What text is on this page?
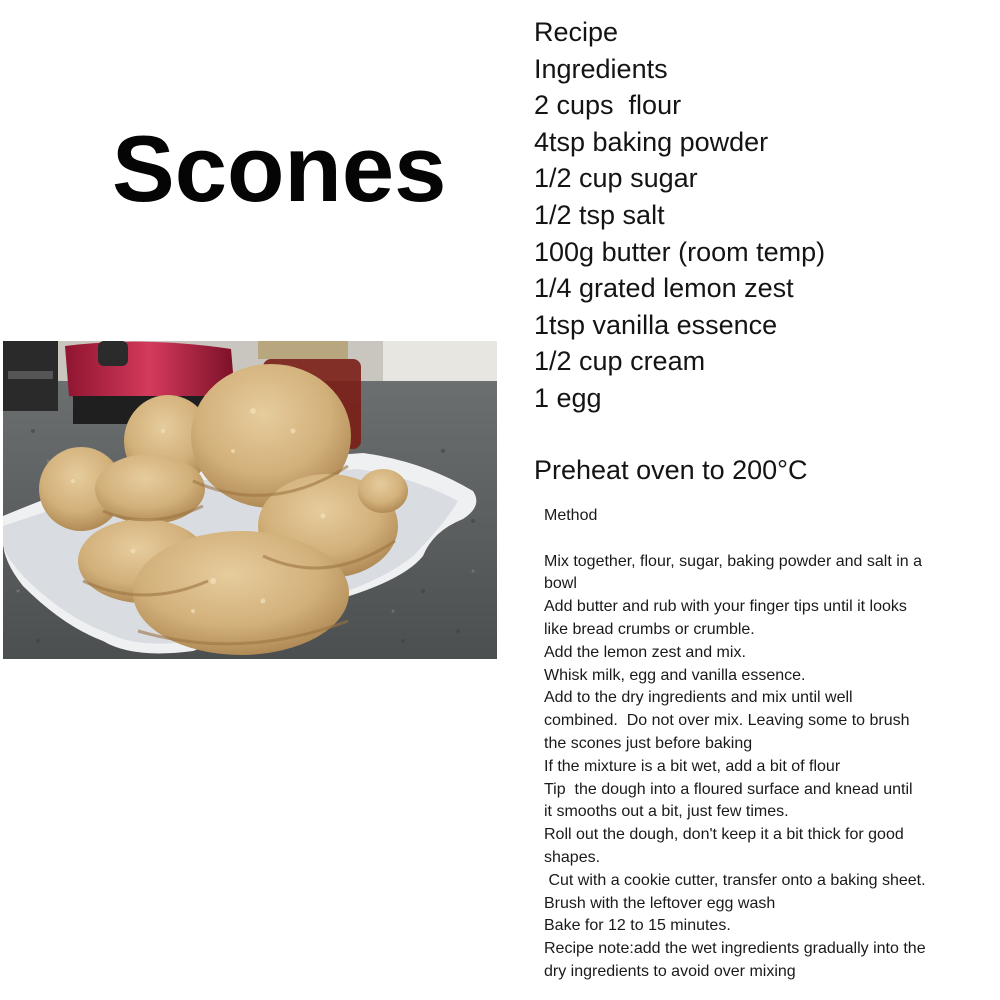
Scones

Recipe

Ingredients

2 cups  flour

4tsp baking powder

1/2 cup sugar

1/2 tsp salt

100g butter (room temp)

1/4 grated lemon zest

1tsp vanilla essence

1/2 cup cream

1 egg

Preheat oven to 200°C

Method

Mix together, flour, sugar, baking powder and salt in a

bowl

Add butter and rub with your finger tips until it looks

like bread crumbs or crumble.

Add the lemon zest and mix.

Whisk milk, egg and vanilla essence.

Add to the dry ingredients and mix until well

combined.  Do not over mix. Leaving some to brush

the scones just before baking

If the mixture is a bit wet, add a bit of flour

Tip  the dough into a floured surface and knead until

it smooths out a bit, just few times.

Roll out the dough, don't keep it a bit thick for good

shapes.

Cut with a cookie cutter, transfer onto a baking sheet.

Brush with the leftover egg wash

Bake for 12 to 15 minutes.

Recipe note:add the wet ingredients gradually into the

dry ingredients to avoid over mixing
